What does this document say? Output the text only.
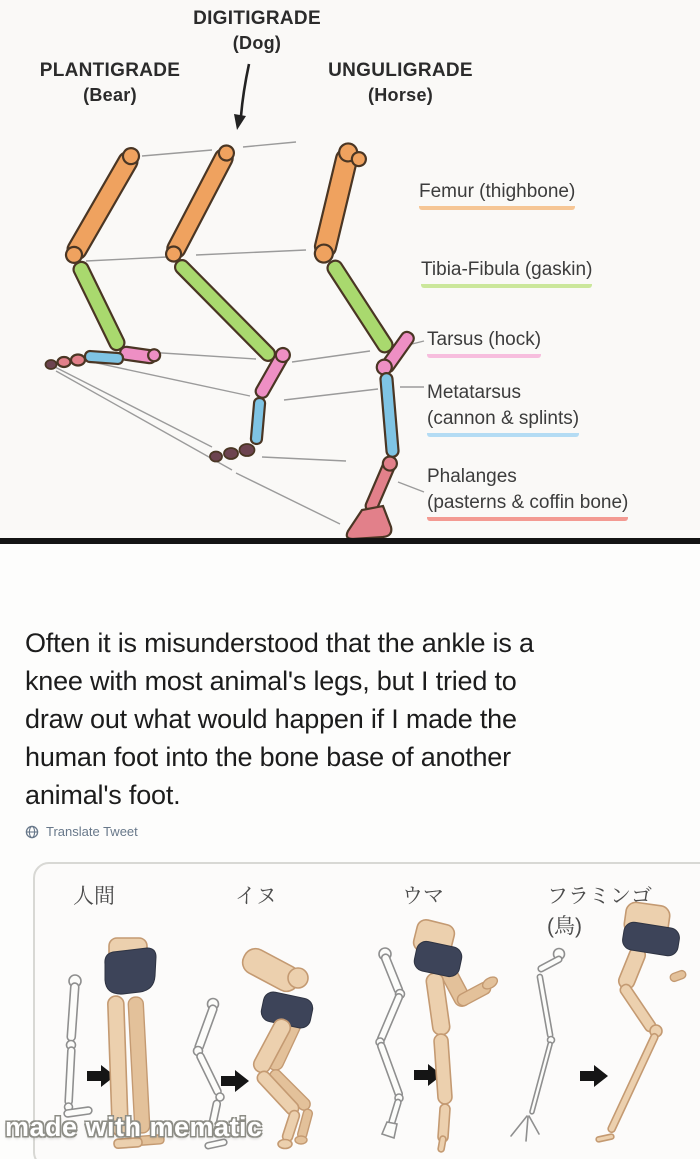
DIGITIGRADE
(Dog)
PLANTIGRADE
(Bear)
UNGULIGRADE
(Horse)
Femur (thighbone)
Tibia-Fibula (gaskin)
Tarsus (hock)
Metatarsus
(cannon & splints)
Phalanges
(pasterns & coffin bone)
Often it is misunderstood that the ankle is a
knee with most animal's legs, but I tried to
draw out what would happen if I made the
human foot into the bone base of another
animal's foot.
Translate Tweet
人間	イヌ	ウマ	フラミンゴ(鳥)
made with mematic
